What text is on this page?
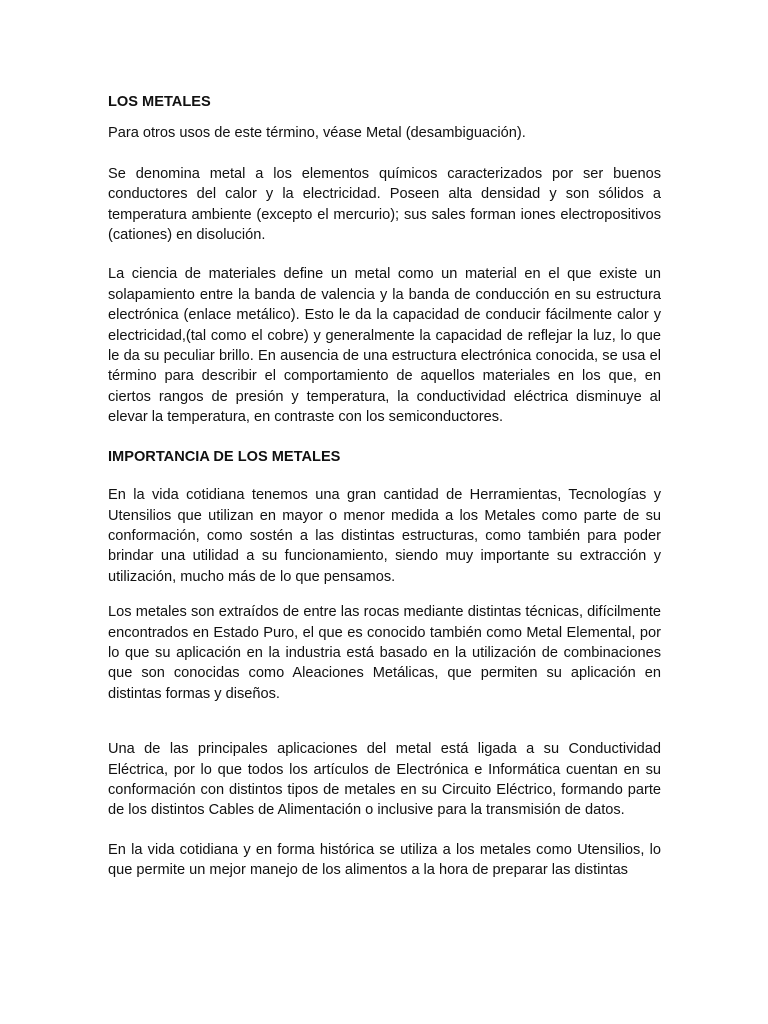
LOS METALES

Para otros usos de este término, véase Metal (desambiguación).

Se denomina metal a los elementos químicos caracterizados por ser buenos conductores del calor y la electricidad. Poseen alta densidad y son sólidos a temperatura ambiente (excepto el mercurio); sus sales forman iones electropositivos (cationes) en disolución.

La ciencia de materiales define un metal como un material en el que existe un solapamiento entre la banda de valencia y la banda de conducción en su estructura electrónica (enlace metálico). Esto le da la capacidad de conducir fácilmente calor y electricidad,(tal como el cobre) y generalmente la capacidad de reflejar la luz, lo que le da su peculiar brillo. En ausencia de una estructura electrónica conocida, se usa el término para describir el comportamiento de aquellos materiales en los que, en ciertos rangos de presión y temperatura, la conductividad eléctrica disminuye al elevar la temperatura, en contraste con los semiconductores.

IMPORTANCIA DE LOS METALES

En la vida cotidiana tenemos una gran cantidad de Herramientas, Tecnologías y Utensilios que utilizan en mayor o menor medida a los Metales como parte de su conformación, como sostén a las distintas estructuras, como también para poder brindar una utilidad a su funcionamiento, siendo muy importante su extracción y utilización, mucho más de lo que pensamos.

Los metales son extraídos de entre las rocas mediante distintas técnicas, difícilmente encontrados en Estado Puro, el que es conocido también como Metal Elemental, por lo que su aplicación en la industria está basado en la utilización de combinaciones que son conocidas como Aleaciones Metálicas, que permiten su aplicación en distintas formas y diseños.

Una de las principales aplicaciones del metal está ligada a su Conductividad Eléctrica, por lo que todos los artículos de Electrónica e Informática cuentan en su conformación con distintos tipos de metales en su Circuito Eléctrico, formando parte de los distintos Cables de Alimentación o inclusive para la transmisión de datos.

En la vida cotidiana y en forma histórica se utiliza a los metales como Utensilios, lo que permite un mejor manejo de los alimentos a la hora de preparar las distintas
